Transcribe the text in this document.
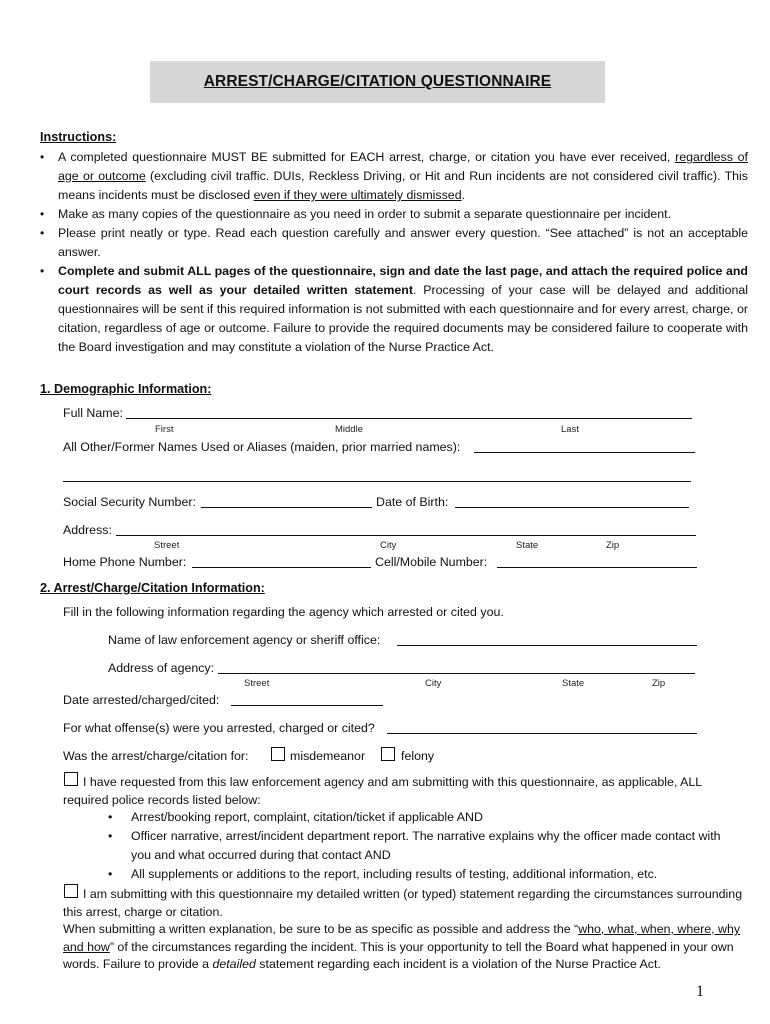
ARREST/CHARGE/CITATION QUESTIONNAIRE
Instructions:
• A completed questionnaire MUST BE submitted for EACH arrest, charge, or citation you have ever received, regardless of age or outcome (excluding civil traffic. DUIs, Reckless Driving, or Hit and Run incidents are not considered civil traffic). This means incidents must be disclosed even if they were ultimately dismissed.
• Make as many copies of the questionnaire as you need in order to submit a separate questionnaire per incident.
• Please print neatly or type. Read each question carefully and answer every question. “See attached” is not an acceptable answer.
• Complete and submit ALL pages of the questionnaire, sign and date the last page, and attach the required police and court records as well as your detailed written statement. Processing of your case will be delayed and additional questionnaires will be sent if this required information is not submitted with each questionnaire and for every arrest, charge, or citation, regardless of age or outcome. Failure to provide the required documents may be considered failure to cooperate with the Board investigation and may constitute a violation of the Nurse Practice Act.
1. Demographic Information:
Full Name:
First	Middle	Last
All Other/Former Names Used or Aliases (maiden, prior married names):
Social Security Number:	Date of Birth:
Address:
Street	City	State	Zip
Home Phone Number:	Cell/Mobile Number:
2. Arrest/Charge/Citation Information:
Fill in the following information regarding the agency which arrested or cited you.
Name of law enforcement agency or sheriff office:
Address of agency:
Street	City	State	Zip
Date arrested/charged/cited:
For what offense(s) were you arrested, charged or cited?
Was the arrest/charge/citation for:	misdemeanor	felony
I have requested from this law enforcement agency and am submitting with this questionnaire, as applicable, ALL required police records listed below:
• Arrest/booking report, complaint, citation/ticket if applicable AND
• Officer narrative, arrest/incident department report. The narrative explains why the officer made contact with you and what occurred during that contact AND
• All supplements or additions to the report, including results of testing, additional information, etc.
I am submitting with this questionnaire my detailed written (or typed) statement regarding the circumstances surrounding this arrest, charge or citation.
When submitting a written explanation, be sure to be as specific as possible and address the “who, what, when, where, why and how” of the circumstances regarding the incident. This is your opportunity to tell the Board what happened in your own words. Failure to provide a detailed statement regarding each incident is a violation of the Nurse Practice Act.
1
